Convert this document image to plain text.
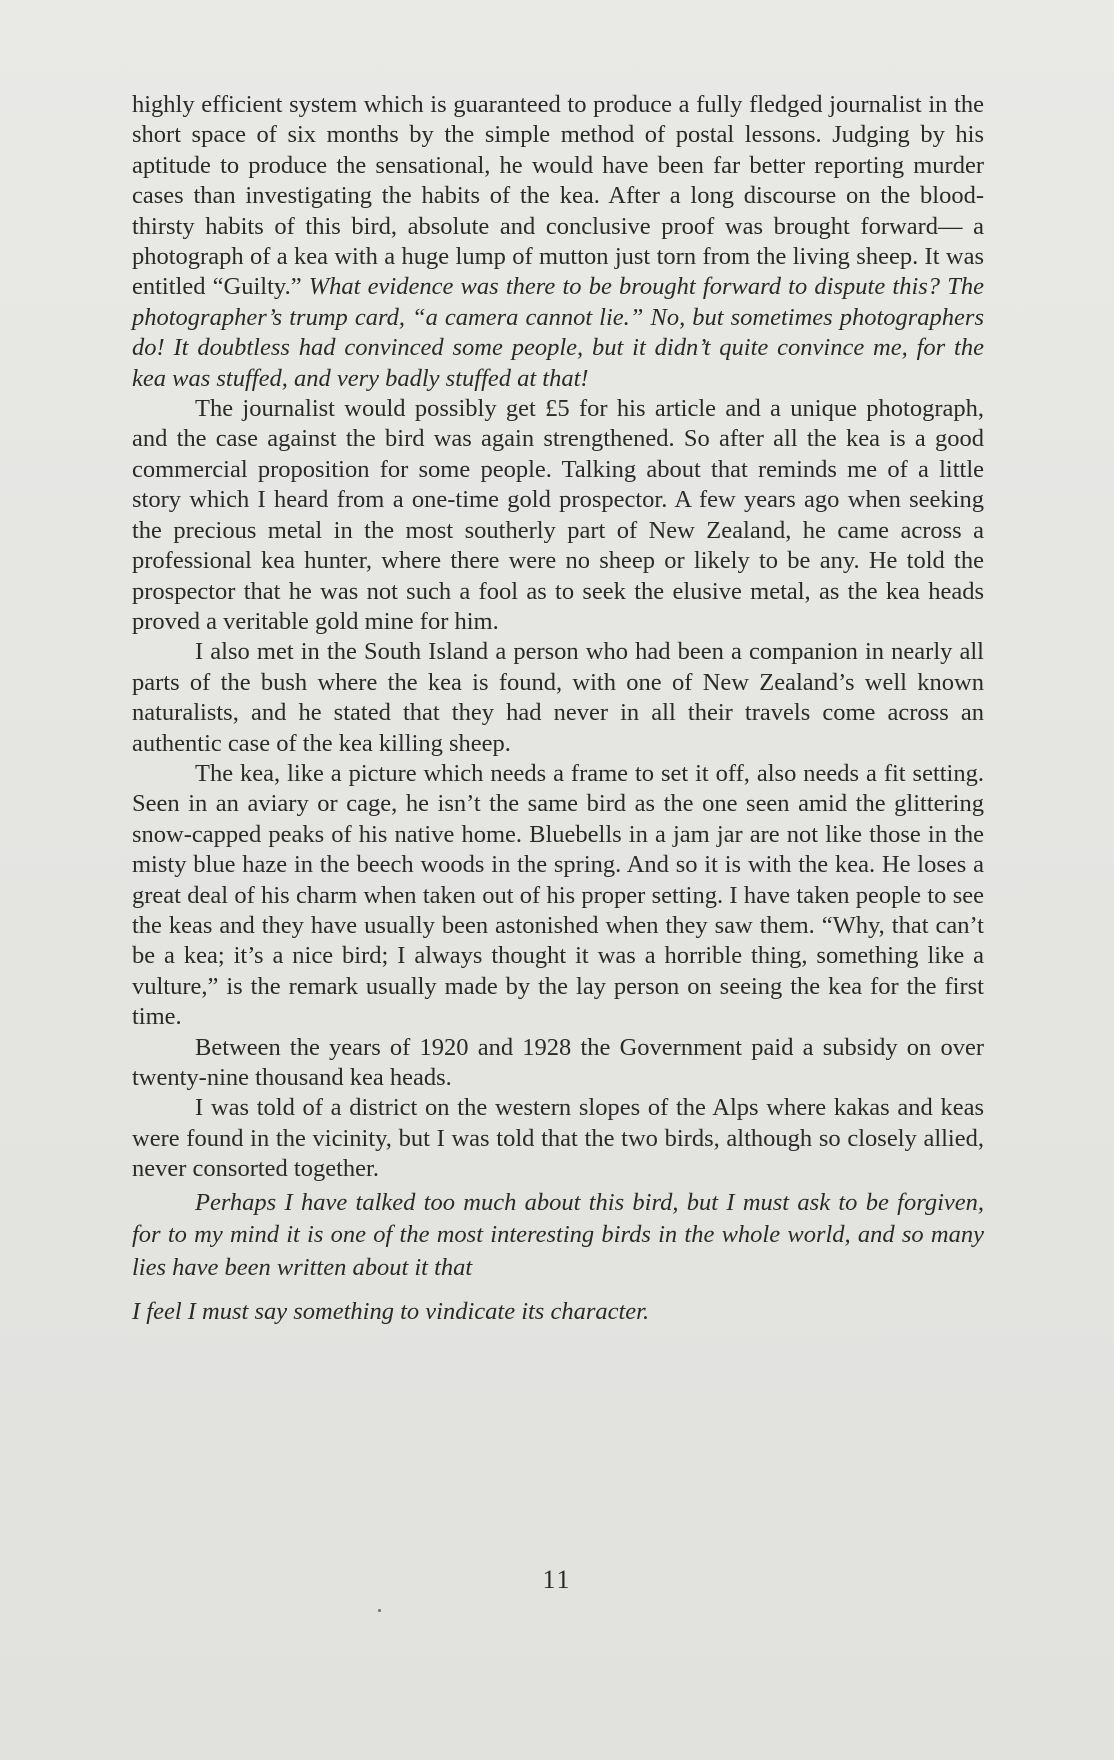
highly efficient system which is guaranteed to produce a fully fledged journalist in the short space of six months by the simple method of postal lessons. Judging by his aptitude to produce the sensational, he would have been far better reporting murder cases than investigating the habits of the kea. After a long discourse on the blood-thirsty habits of this bird, absolute and conclusive proof was brought forward— a photograph of a kea with a huge lump of mutton just torn from the living sheep. It was entitled “Guilty.” What evidence was there to be brought forward to dispute this? The photographer’s trump card, “a camera cannot lie.” No, but sometimes photographers do! It doubtless had convinced some people, but it didn’t quite convince me, for the kea was stuffed, and very badly stuffed at that!

The journalist would possibly get £5 for his article and a unique photograph, and the case against the bird was again strengthened. So after all the kea is a good commercial proposition for some people. Talking about that reminds me of a little story which I heard from a one-time gold prospector. A few years ago when seeking the precious metal in the most southerly part of New Zealand, he came across a professional kea hunter, where there were no sheep or likely to be any. He told the prospector that he was not such a fool as to seek the elusive metal, as the kea heads proved a veritable gold mine for him.

I also met in the South Island a person who had been a companion in nearly all parts of the bush where the kea is found, with one of New Zealand’s well known naturalists, and he stated that they had never in all their travels come across an authentic case of the kea killing sheep.

The kea, like a picture which needs a frame to set it off, also needs a fit setting. Seen in an aviary or cage, he isn’t the same bird as the one seen amid the glittering snow-capped peaks of his native home. Bluebells in a jam jar are not like those in the misty blue haze in the beech woods in the spring. And so it is with the kea. He loses a great deal of his charm when taken out of his proper setting. I have taken people to see the keas and they have usually been astonished when they saw them. “Why, that can’t be a kea; it’s a nice bird; I always thought it was a horrible thing, something like a vulture,” is the remark usually made by the lay person on seeing the kea for the first time.

Between the years of 1920 and 1928 the Government paid a subsidy on over twenty-nine thousand kea heads.

I was told of a district on the western slopes of the Alps where kakas and keas were found in the vicinity, but I was told that the two birds, although so closely allied, never consorted together.

Perhaps I have talked too much about this bird, but I must ask to be forgiven, for to my mind it is one of the most interesting birds in the whole world, and so many lies have been written about it that
I feel I must say something to vindicate its character.

11
